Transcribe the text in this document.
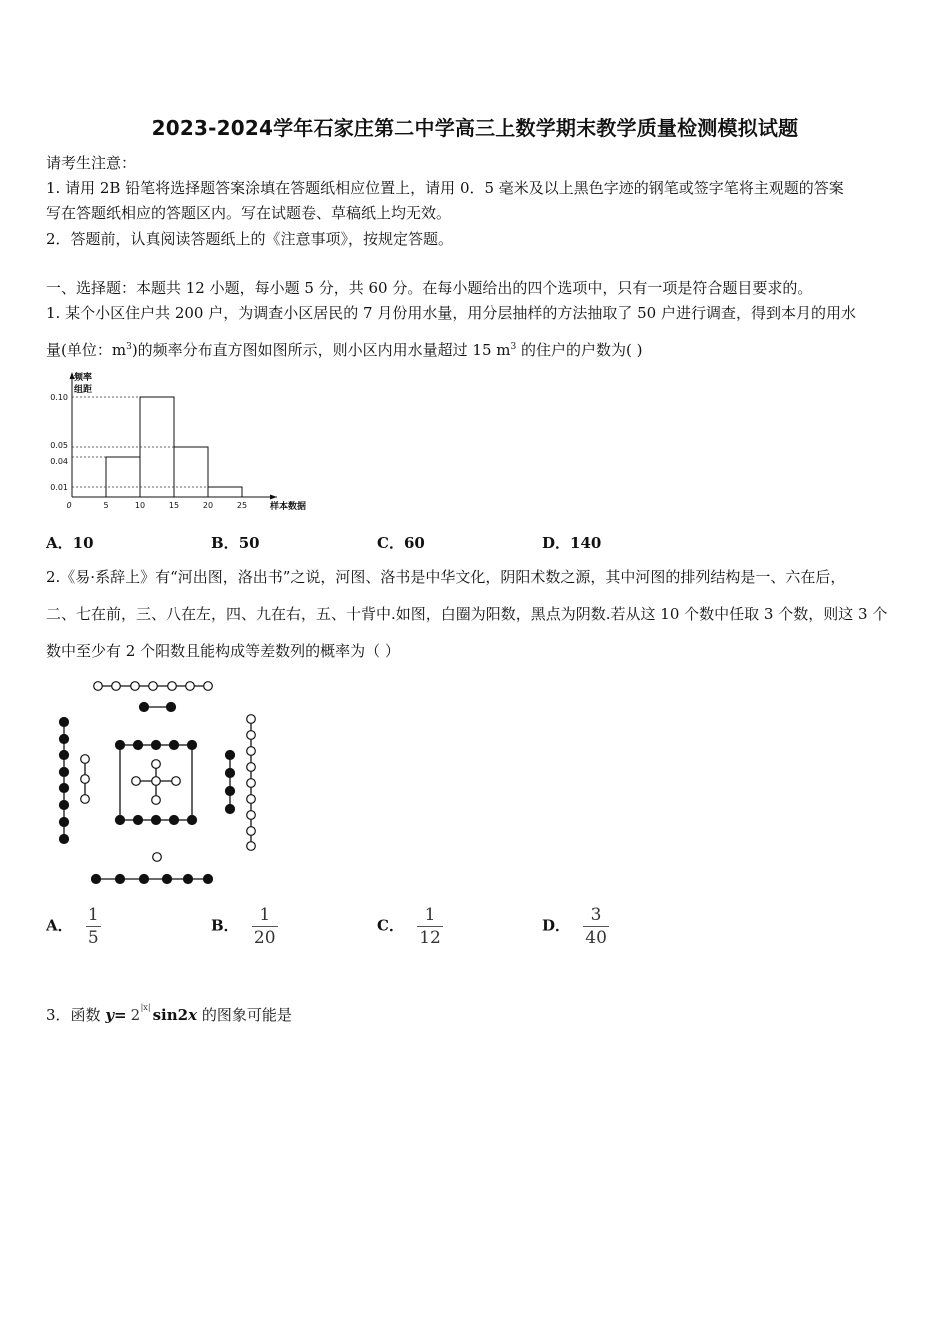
2023-2024学年石家庄第二中学高三上数学期末教学质量检测模拟试题
请考生注意：
1. 请用 2B 铅笔将选择题答案涂填在答题纸相应位置上，请用 0．5 毫米及以上黑色字迹的钢笔或签字笔将主观题的答案
写在答题纸相应的答题区内。写在试题卷、草稿纸上均无效。
2．答题前，认真阅读答题纸上的《注意事项》，按规定答题。
一、选择题：本题共 12 小题，每小题 5 分，共 60 分。在每小题给出的四个选项中，只有一项是符合题目要求的。
1. 某个小区住户共 200 户，为调查小区居民的 7 月份用水量，用分层抽样的方法抽取了 50 户进行调查，得到本月的用水
量(单位：$m^3$)的频率分布直方图如图所示，则小区内用水量超过 15 $m^3$ 的住户的户数为( )
0.10
0.05
0.04
0.01
0	5	10	15	20	25
频率
组距
样本数据
A．10	B．50	C．60	D．140
2.《易·系辞上》有“河出图，洛出书”之说，河图、洛书是中华文化，阴阳术数之源，其中河图的排列结构是一、六在后，
二、七在前，三、八在左，四、九在右，五、十背中.如图，白圈为阳数，黑点为阴数.若从这 10 个数中任取 3 个数，则这 3 个
数中至少有 2 个阳数且能构成等差数列的概率为（ ）
A． $\frac{1}{5}$	B． $\frac{1}{20}$	C． $\frac{1}{12}$	D． $\frac{3}{40}$
3．函数 y= 2 |x| sin2x 的图象可能是
